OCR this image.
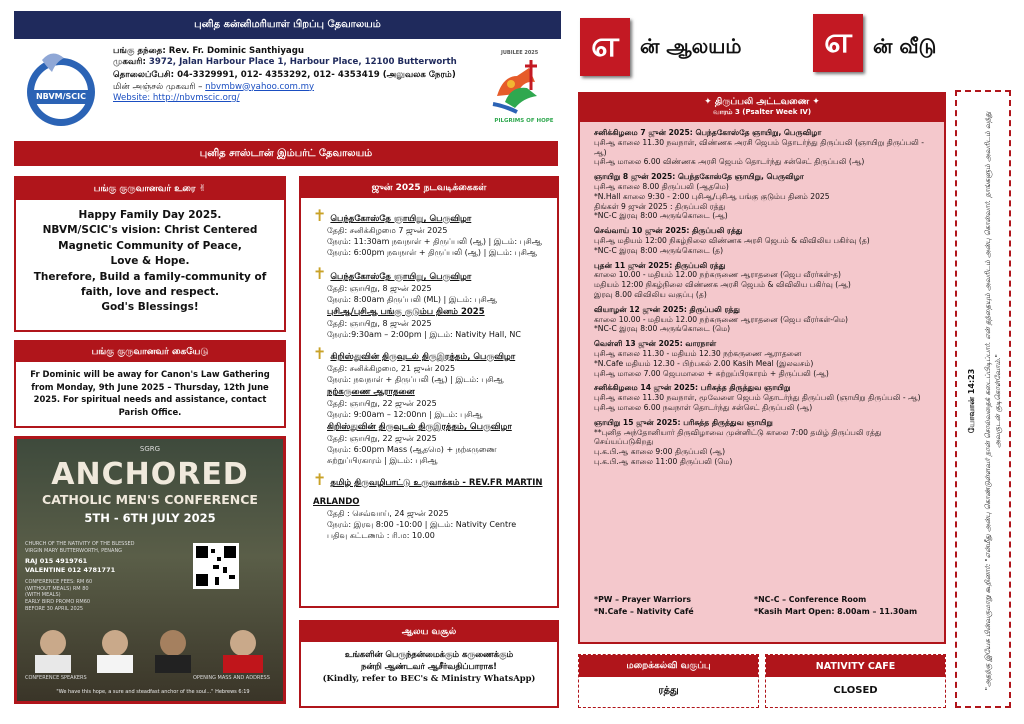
புனித கன்னிமரியாள் பிறப்பு தேவாலயம்
NBVM/SCIC
பங்கு தந்தை: Rev. Fr. Dominic Santhiyagu
முகவரி: 3972, Jalan Harbour Place 1, Harbour Place, 12100 Butterworth
தொலைப்பேசி: 04-3329991, 012- 4353292, 012- 4353419 (அலுவலக நேரம்)
மின் அஞ்சல் முகவரி – nbvmbw@yahoo.com.my
Website: http://nbvmscic.org/
JUBILEE 2025
PILGRIMS OF HOPE
புனித சாஸ்டான் இம்பர்ட் தேவாலயம்
எ	ன் ஆலயம்	எ	ன் வீடு
பங்கு குருவானவர் உரை ✌
Happy Family Day 2025.
NBVM/SCIC's vision: Christ Centered
Magnetic Community of Peace,
Love & Hope.
Therefore, Build a family-community of
faith, love and respect.
God's Blessings!
பங்கு குருவானவர் கையேடு
Fr Dominic will be away for Canon's Law Gathering from Monday, 9th June 2025 – Thursday, 12th June 2025. For spiritual needs and assistance, contact Parish Office.
SGRG
ANCHORED
CATHOLIC MEN'S CONFERENCE
5TH - 6TH JULY 2025
CHURCH OF THE NATIVITY OF THE BLESSED VIRGIN MARY BUTTERWORTH, PENANG
RAJ 015 4919761
VALENTINE 012 4781771
CONFERENCE FEES: RM 60 (WITHOUT MEALS) RM 80 (WITH MEALS)
EARLY BIRD PROMO RM60 BEFORE 30 APRIL 2025
CONFERENCE SPEAKERS	OPENING MASS AND ADDRESS
"We have this hope, a sure and steadfast anchor of the soul..." Hebrews 6:19
ஜுன் 2025 நடவடிக்கைகள்
✝ பெந்தகோஸ்தே ஞாயிறு, பெருவிழா
தேதி: சனிக்கிழமை 7 ஜுன் 2025
நேரம்: 11:30am நவநாள் + திருப்பலி (ஆ) | இடம்: புசிஆ
நேரம்: 6:00pm நவநாள் + திருப்பலி (ஆ) | இடம்: புசிஆ
✝ பெந்தகோஸ்தே ஞாயிறு, பெருவிழா
தேதி: ஞாயிறு, 8 ஜுன் 2025
நேரம்: 8:00am திருப்பலி (ML) | இடம்: புசிஆ
புசிஆ/புசிஆ பங்கு குடும்ப தினம் 2025
தேதி: ஞாயிறு, 8 ஜுன் 2025
நேரம்:9:30am – 2:00pm | இடம்: Nativity Hall, NC
✝ கிறிஸ்துவின் திருவுடல் திருஇரத்தம், பெருவிழா
தேதி: சனிக்கிழமை, 21 ஜுன் 2025
நேரம்: நவநாள் + திருப்பலி (ஆ) | இடம்: புசிஆ
நற்கருணை ஆராதனை
தேதி: ஞாயிறு, 22 ஜுன் 2025
நேரம்: 9:00am – 12:00nn | இடம்: புசிஆ
கிறிஸ்துவின் திருவுடல் திருஇரத்தம், பெருவிழா
தேதி: ஞாயிறு, 22 ஜுன் 2025
நேரம்: 6:00pm Mass (ஆதமெ) + நற்கருணை சுற்றுப்பிரகாரம் | இடம்: புசிஆ
✝ தமிழ் திருவழிபாட்டு உருவாக்கம் - REV.FR MARTIN ARLANDO
தேதி : செவ்வாய், 24 ஜுன் 2025
நேரம்: இரவு 8:00 -10:00 | இடம்: Nativity Centre
பதிவு கட்டணம் : ரி.ம: 10.00
ஆலய வசூல்
உங்களின் பெருந்தன்மைக்கும் கருணைக்கும்
நன்றி ஆண்டவர் ஆசீர்வதிப்பாராக!
(Kindly, refer to BEC's & Ministry WhatsApp)
✦ திருப்பலி அட்டவணை ✦
வாரம் 3 (Psalter Week IV)

சனிக்கிழமை 7 ஜுன் 2025: பெந்தகோஸ்தே ஞாயிறு, பெருவிழா
புசிஆ காலை 11.30 நவநாள், விண்ணக அரசி ஜெபம் தொடர்ந்து திருப்பலி (ஞாயிறு திருப்பலி - ஆ)
புசிஆ மாலை 6.00 விண்ணக அரசி ஜெபம் தொடர்ந்து சன்செட் திருப்பலி (ஆ)

ஞாயிறு 8 ஜுன் 2025: பெந்தகோஸ்தே ஞாயிறு, பெருவிழா
புசிஆ காலை 8.00 திருப்பலி (ஆதமெ)
*N.Hall காலை 9:30 - 2:00 புசிஆ/புசிஆ பங்கு குடும்ப தினம் 2025
திங்கள் 9 ஜுன் 2025 : திருப்பலி ரத்து
*NC-C இரவு 8:00 அருங்கொடை (ஆ)

செவ்வாய் 10 ஜுன் 2025: திருப்பலி ரத்து
புசிஆ மதியம் 12:00 நிகழ்நிலை விண்ணக அரசி ஜெபம் & விவிலிய பகிர்வு (த)
*NC-C இரவு 8:00 அருங்கொடை (த)

புதன் 11 ஜுன் 2025: திருப்பலி ரத்து
காலை 10.00 - மதியம் 12.00 நற்கருணை ஆராதனை (ஜெப வீரர்கள்-த)
மதியம் 12:00 நிகழ்நிலை விண்ணக அரசி ஜெபம் & விவிலிய பகிர்வு (ஆ)
இரவு 8.00 விவிலிய வகுப்பு (த)

வியாழன் 12 ஜுன் 2025: திருப்பலி ரத்து
காலை 10.00 - மதியம் 12.00 நற்கருணை ஆராதனை (ஜெப வீரர்கள்-மெ)
*NC-C இரவு 8:00 அருங்கொடை (மெ)

வெள்ளி 13 ஜுன் 2025: வாரநாள்
புசிஆ காலை 11.30 - மதியம் 12.30 நற்கருணை ஆராதனை
*N.Cafe மதியம் 12.30 - பிற்பகல் 2.00 Kasih Meal (இலவசம்)
புசிஆ மாலை 7.00 ஜெபமாலை + சுற்றுப்பிரகாரம் + திருப்பலி (ஆ)

சனிக்கிழமை 14 ஜுன் 2025: பரிசுத்த திருத்துவ ஞாயிறு
புசிஆ காலை 11.30 நவநாள், மூவேளை ஜெபம் தொடர்ந்து திருப்பலி (ஞாயிறு திருப்பலி - ஆ)
புசிஆ மாலை 6.00 நவநாள் தொடர்ந்து சன்செட் திருப்பலி (ஆ)

ஞாயிறு 15 ஜுன் 2025: பரிசுத்த திருத்துவ ஞாயிறு
**புனித அந்தோனியார் திருவிழாவை முன்னிட்டு காலை 7:00 தமிழ் திருப்பலி ரத்து செய்யப்படுகிறது
பு.க.பி.ஆ காலை 9:00 திருப்பலி (ஆ)
பு.க.பி.ஆ காலை 11:00 திருப்பலி (மெ)

*PW – Prayer Warriors
*N.Cafe – Nativity Café
*NC-C – Conference Room
*Kasih Mart Open: 8.00am – 11.30am
மறைக்கல்வி வகுப்பு
ரத்து
NATIVITY CAFE
CLOSED
யோவான் 14:23 "அதற்கு இயேசு பின்வருமாறு கூறினார்: "என்மீது அன்பு கொண்டுள்ளவர் நான் சொல்வதைக் கடைப்பிடிப்பார். என் தந்தையும் அவரிடம் அன்பு கொள்வார். நாங்களும் அவரிடம் வந்து அவருடன் குடிகொள்வோம்."
